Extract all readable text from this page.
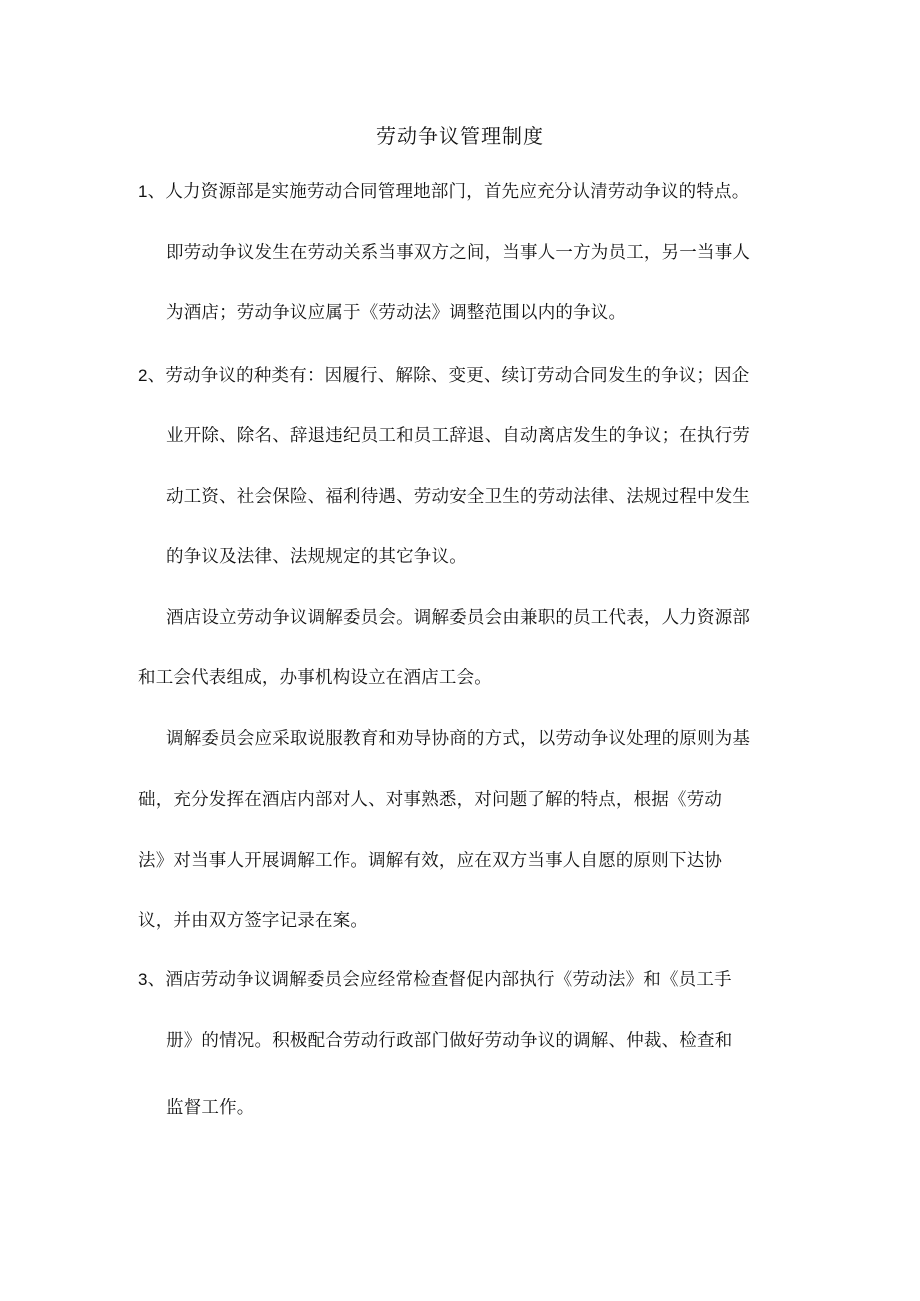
劳动争议管理制度
1、人力资源部是实施劳动合同管理地部门，首先应充分认清劳动争议的特点。
即劳动争议发生在劳动关系当事双方之间，当事人一方为员工，另一当事人
为酒店；劳动争议应属于《劳动法》调整范围以内的争议。
2、劳动争议的种类有：因履行、解除、变更、续订劳动合同发生的争议；因企
业开除、除名、辞退违纪员工和员工辞退、自动离店发生的争议；在执行劳
动工资、社会保险、福利待遇、劳动安全卫生的劳动法律、法规过程中发生
的争议及法律、法规规定的其它争议。
酒店设立劳动争议调解委员会。调解委员会由兼职的员工代表，人力资源部
和工会代表组成，办事机构设立在酒店工会。
调解委员会应采取说服教育和劝导协商的方式，以劳动争议处理的原则为基
础，充分发挥在酒店内部对人、对事熟悉，对问题了解的特点，根据《劳动
法》对当事人开展调解工作。调解有效，应在双方当事人自愿的原则下达协
议，并由双方签字记录在案。
3、酒店劳动争议调解委员会应经常检查督促内部执行《劳动法》和《员工手
册》的情况。积极配合劳动行政部门做好劳动争议的调解、仲裁、检查和
监督工作。
